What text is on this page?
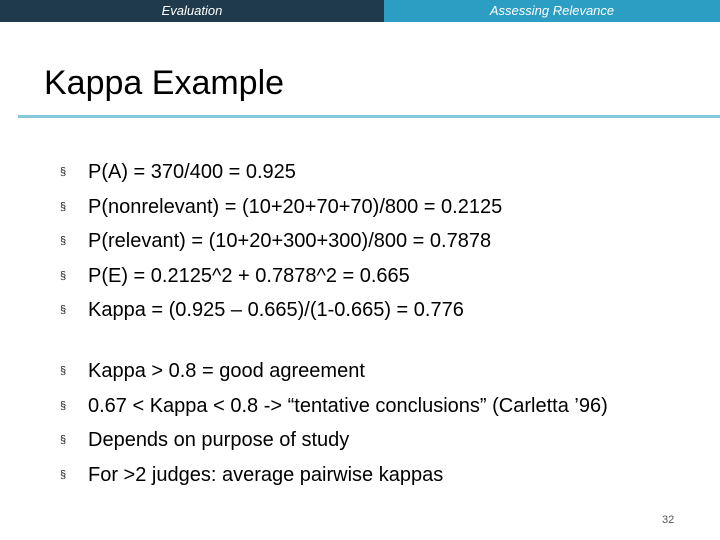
Evaluation	Assessing Relevance
Kappa Example
§ P(A) = 370/400 = 0.925
§ P(nonrelevant) = (10+20+70+70)/800 = 0.2125
§ P(relevant) = (10+20+300+300)/800 = 0.7878
§ P(E) = 0.2125^2 + 0.7878^2 = 0.665
§ Kappa = (0.925 – 0.665)/(1-0.665) = 0.776
§ Kappa > 0.8 = good agreement
§ 0.67 < Kappa < 0.8 -> “tentative conclusions” (Carletta ’96)
§ Depends on purpose of study
§ For >2 judges: average pairwise kappas
32
